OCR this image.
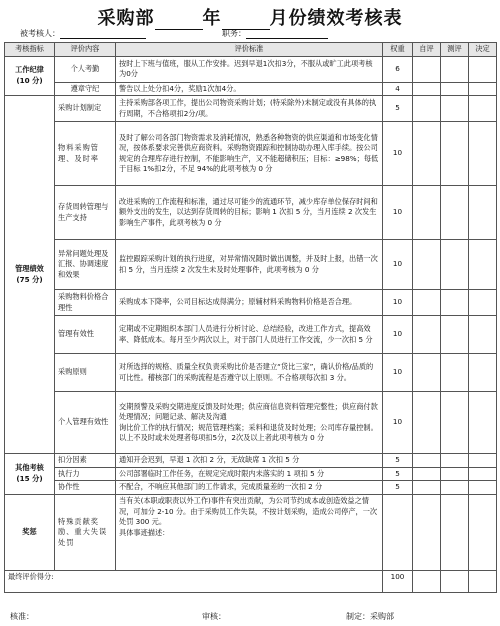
采购部	年	月份绩效考核表
被考核人：	职务：
考核指标	评价内容	评价标准	权重	自评	测评	决定
工作纪律
(10 分)	个人考勤	按时上下班与值班，服从工作安排。迟到早退1次扣3分，不服从或旷工此项考核为0分	6			
	遵章守纪	警告以上处分扣4分，奖励1次加4分。	4			
管理绩效
(75 分)	采购计划制定	主持采购部各项工作，提出公司物资采购计划；(特采除外)未制定或没有具体的执行周期，不合格项扣2分/项。	5			
	物料采购管理、及时率	及时了解公司各部门物资需求及消耗情况，熟悉各种物资的供应渠道和市场变化情况，按体系要求完善供应商资料。采购物资跟踪和控制协助办理入库手续。按公司规定的合理库存进行控制，不能影响生产，又不能超储积压；目标：≥98%；每低于目标 1%扣2分，不足 94%的此项考核为 0 分	10			
	存货周转管理与生产支持	改进采购的工作流程和标准，通过尽可能少的流通环节，减少库存单位保存时间和额外支出的发生，以达到存货周转的目标；影响 1 次扣 5 分，当月连续 2 次发生影响生产事件，此项考核为 0 分	10			
	异常问题处理及汇报、协调速度和效果	监控跟踪采购计划的执行进度，对异常情况随时做出调整，并及时上报，出错一次扣 5 分，当月连续 2 次发生未及时处理事件，此项考核为 0 分	10			
	采购物料价格合理性	采购成本下降率，公司目标达成得满分；原辅材料采购物料价格是否合理。	10			
	管理有效性	定期或不定期组织本部门人员进行分析讨论、总结经验，改进工作方式，提高效率、降低成本。每月至少两次以上，对于部门人员进行工作交流，少一次扣 5 分	10			
	采购原则	对所选择的规格、质量全权负责采购比价是否建立“货比三家”，确认价格/品质的可比性。稽核部门的采购流程是否遵守以上原则。不合格项每次扣 3 分。	10			
	个人管理有效性	交期预警及采购交期进度反馈及时处理；供应商信息资料管理完整性；供应商付款处理情况；问题记录、解决及沟通
询比价工作的执行情况；规范管理档案；采料和退货及时处理；公司库存量控制。以上不及时或未处理者每项扣5分，2次及以上者此项考核为 0 分	10			
其他考核
(15 分)	扣分因素	通知开会迟到，早退 1 次扣 2 分，无故缺席 1 次扣 5 分	5			
	执行力	公司部署临时工作任务，在规定完成时限内未落实的 1 项扣 5 分	5			
	协作性	不配合，不响应其他部门的工作请求，完成质量差的一次扣 2 分	5			
奖惩	特殊贡献奖励、重大失误处罚	当有关(本职或职责以外工作)事件有突出贡献，为公司节约成本或创造效益之情况，可加分 2-10 分。由于采购员工作失误，不按计划采购，造成公司停产，一次处罚 300 元。
具体事迹描述：				
最终评价得分:			100			
核准：	审核：	制定：采购部
